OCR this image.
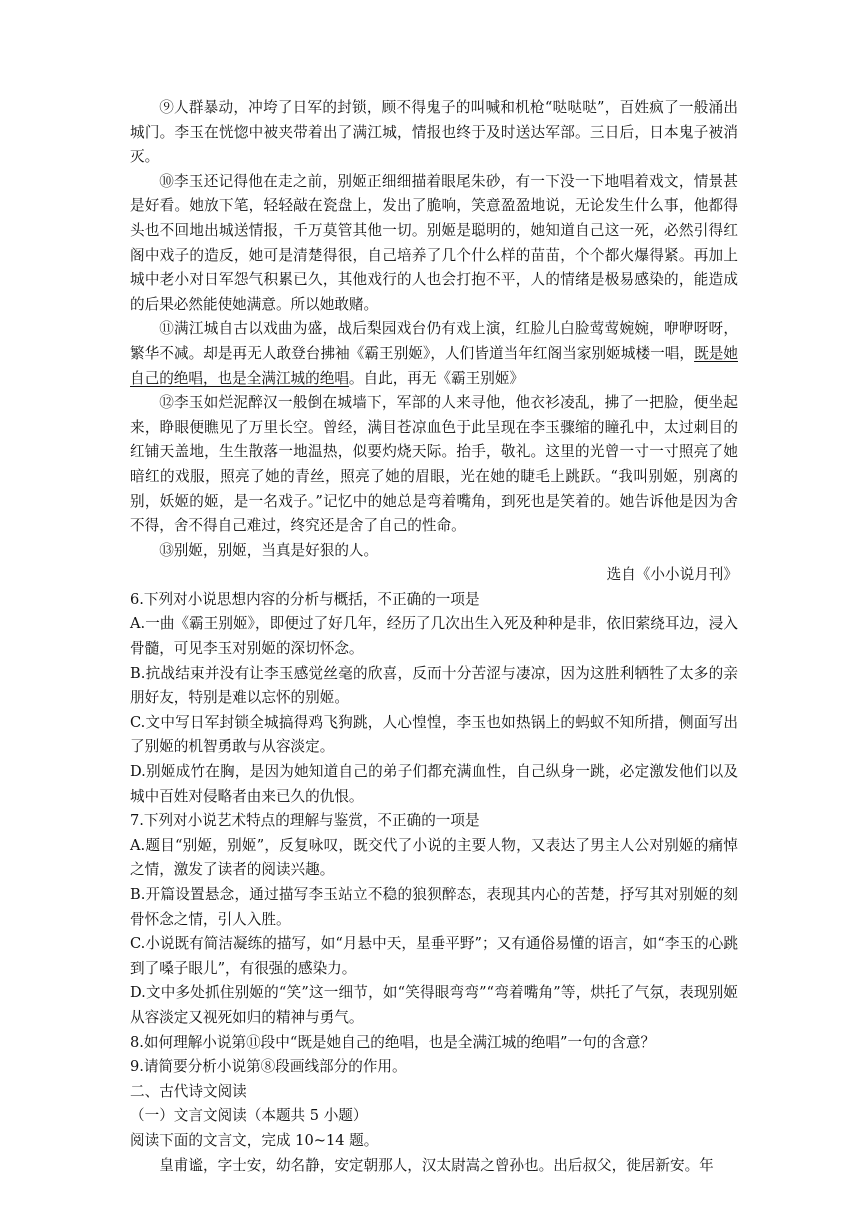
⑨人群暴动，冲垮了日军的封锁，顾不得鬼子的叫喊和机枪“哒哒哒”，百姓疯了一般涌出城门。李玉在恍惚中被夹带着出了满江城，情报也终于及时送达军部。三日后，日本鬼子被消灭。

⑩李玉还记得他在走之前，别姬正细细描着眼尾朱砂，有一下没一下地唱着戏文，情景甚是好看。她放下笔，轻轻敲在瓷盘上，发出了脆响，笑意盈盈地说，无论发生什么事，他都得头也不回地出城送情报，千万莫管其他一切。别姬是聪明的，她知道自己这一死，必然引得红阁中戏子的造反，她可是清楚得很，自己培养了几个什么样的苗苗，个个都火爆得紧。再加上城中老小对日军怨气积累已久，其他戏行的人也会打抱不平，人的情绪是极易感染的，能造成的后果必然能使她满意。所以她敢赌。

⑪满江城自古以戏曲为盛，战后梨园戏台仍有戏上演，红脸儿白脸莺莺婉婉，咿咿呀呀，繁华不减。却是再无人敢登台拂袖《霸王别姬》，人们皆道当年红阁当家别姬城楼一唱，既是她自己的绝唱，也是全满江城的绝唱。自此，再无《霸王别姬》

⑫李玉如烂泥醉汉一般倒在城墙下，军部的人来寻他，他衣衫凌乱，拂了一把脸，便坐起来，睁眼便瞧见了万里长空。曾经，满目苍凉血色于此呈现在李玉骤缩的瞳孔中，太过刺目的红铺天盖地，生生散落一地温热，似要灼烧天际。抬手，敬礼。这里的光曾一寸一寸照亮了她暗红的戏服，照亮了她的青丝，照亮了她的眉眼，光在她的睫毛上跳跃。“我叫别姬，别离的别，妖姬的姬，是一名戏子。”记忆中的她总是弯着嘴角，到死也是笑着的。她告诉他是因为舍不得，舍不得自己难过，终究还是舍了自己的性命。

⑬别姬，别姬，当真是好狠的人。

选自《小小说月刊》

6.下列对小说思想内容的分析与概括，不正确的一项是

A.一曲《霸王别姬》，即便过了好几年，经历了几次出生入死及种种是非，依旧萦绕耳边，浸入骨髓，可见李玉对别姬的深切怀念。

B.抗战结束并没有让李玉感觉丝毫的欣喜，反而十分苦涩与凄凉，因为这胜利牺牲了太多的亲朋好友，特别是难以忘怀的别姬。

C.文中写日军封锁全城搞得鸡飞狗跳，人心惶惶，李玉也如热锅上的蚂蚁不知所措，侧面写出了别姬的机智勇敢与从容淡定。

D.别姬成竹在胸，是因为她知道自己的弟子们都充满血性，自己纵身一跳，必定激发他们以及城中百姓对侵略者由来已久的仇恨。

7.下列对小说艺术特点的理解与鉴赏，不正确的一项是

A.题目“别姬，别姬”，反复咏叹，既交代了小说的主要人物，又表达了男主人公对别姬的痛悼之情，激发了读者的阅读兴趣。

B.开篇设置悬念，通过描写李玉站立不稳的狼狈醉态，表现其内心的苦楚，抒写其对别姬的刻骨怀念之情，引人入胜。

C.小说既有简洁凝练的描写，如“月悬中天，星垂平野”；又有通俗易懂的语言，如“李玉的心跳到了嗓子眼儿”，有很强的感染力。

D.文中多处抓住别姬的“笑”这一细节，如“笑得眼弯弯”“弯着嘴角”等，烘托了气氛，表现别姬从容淡定又视死如归的精神与勇气。

8.如何理解小说第⑪段中“既是她自己的绝唱，也是全满江城的绝唱”一句的含意？

9.请简要分析小说第⑧段画线部分的作用。

二、古代诗文阅读

（一）文言文阅读（本题共 5 小题）

阅读下面的文言文，完成 10~14 题。

皇甫谧，字士安，幼名静，安定朝那人，汉太尉嵩之曾孙也。出后叔父，徙居新安。年
